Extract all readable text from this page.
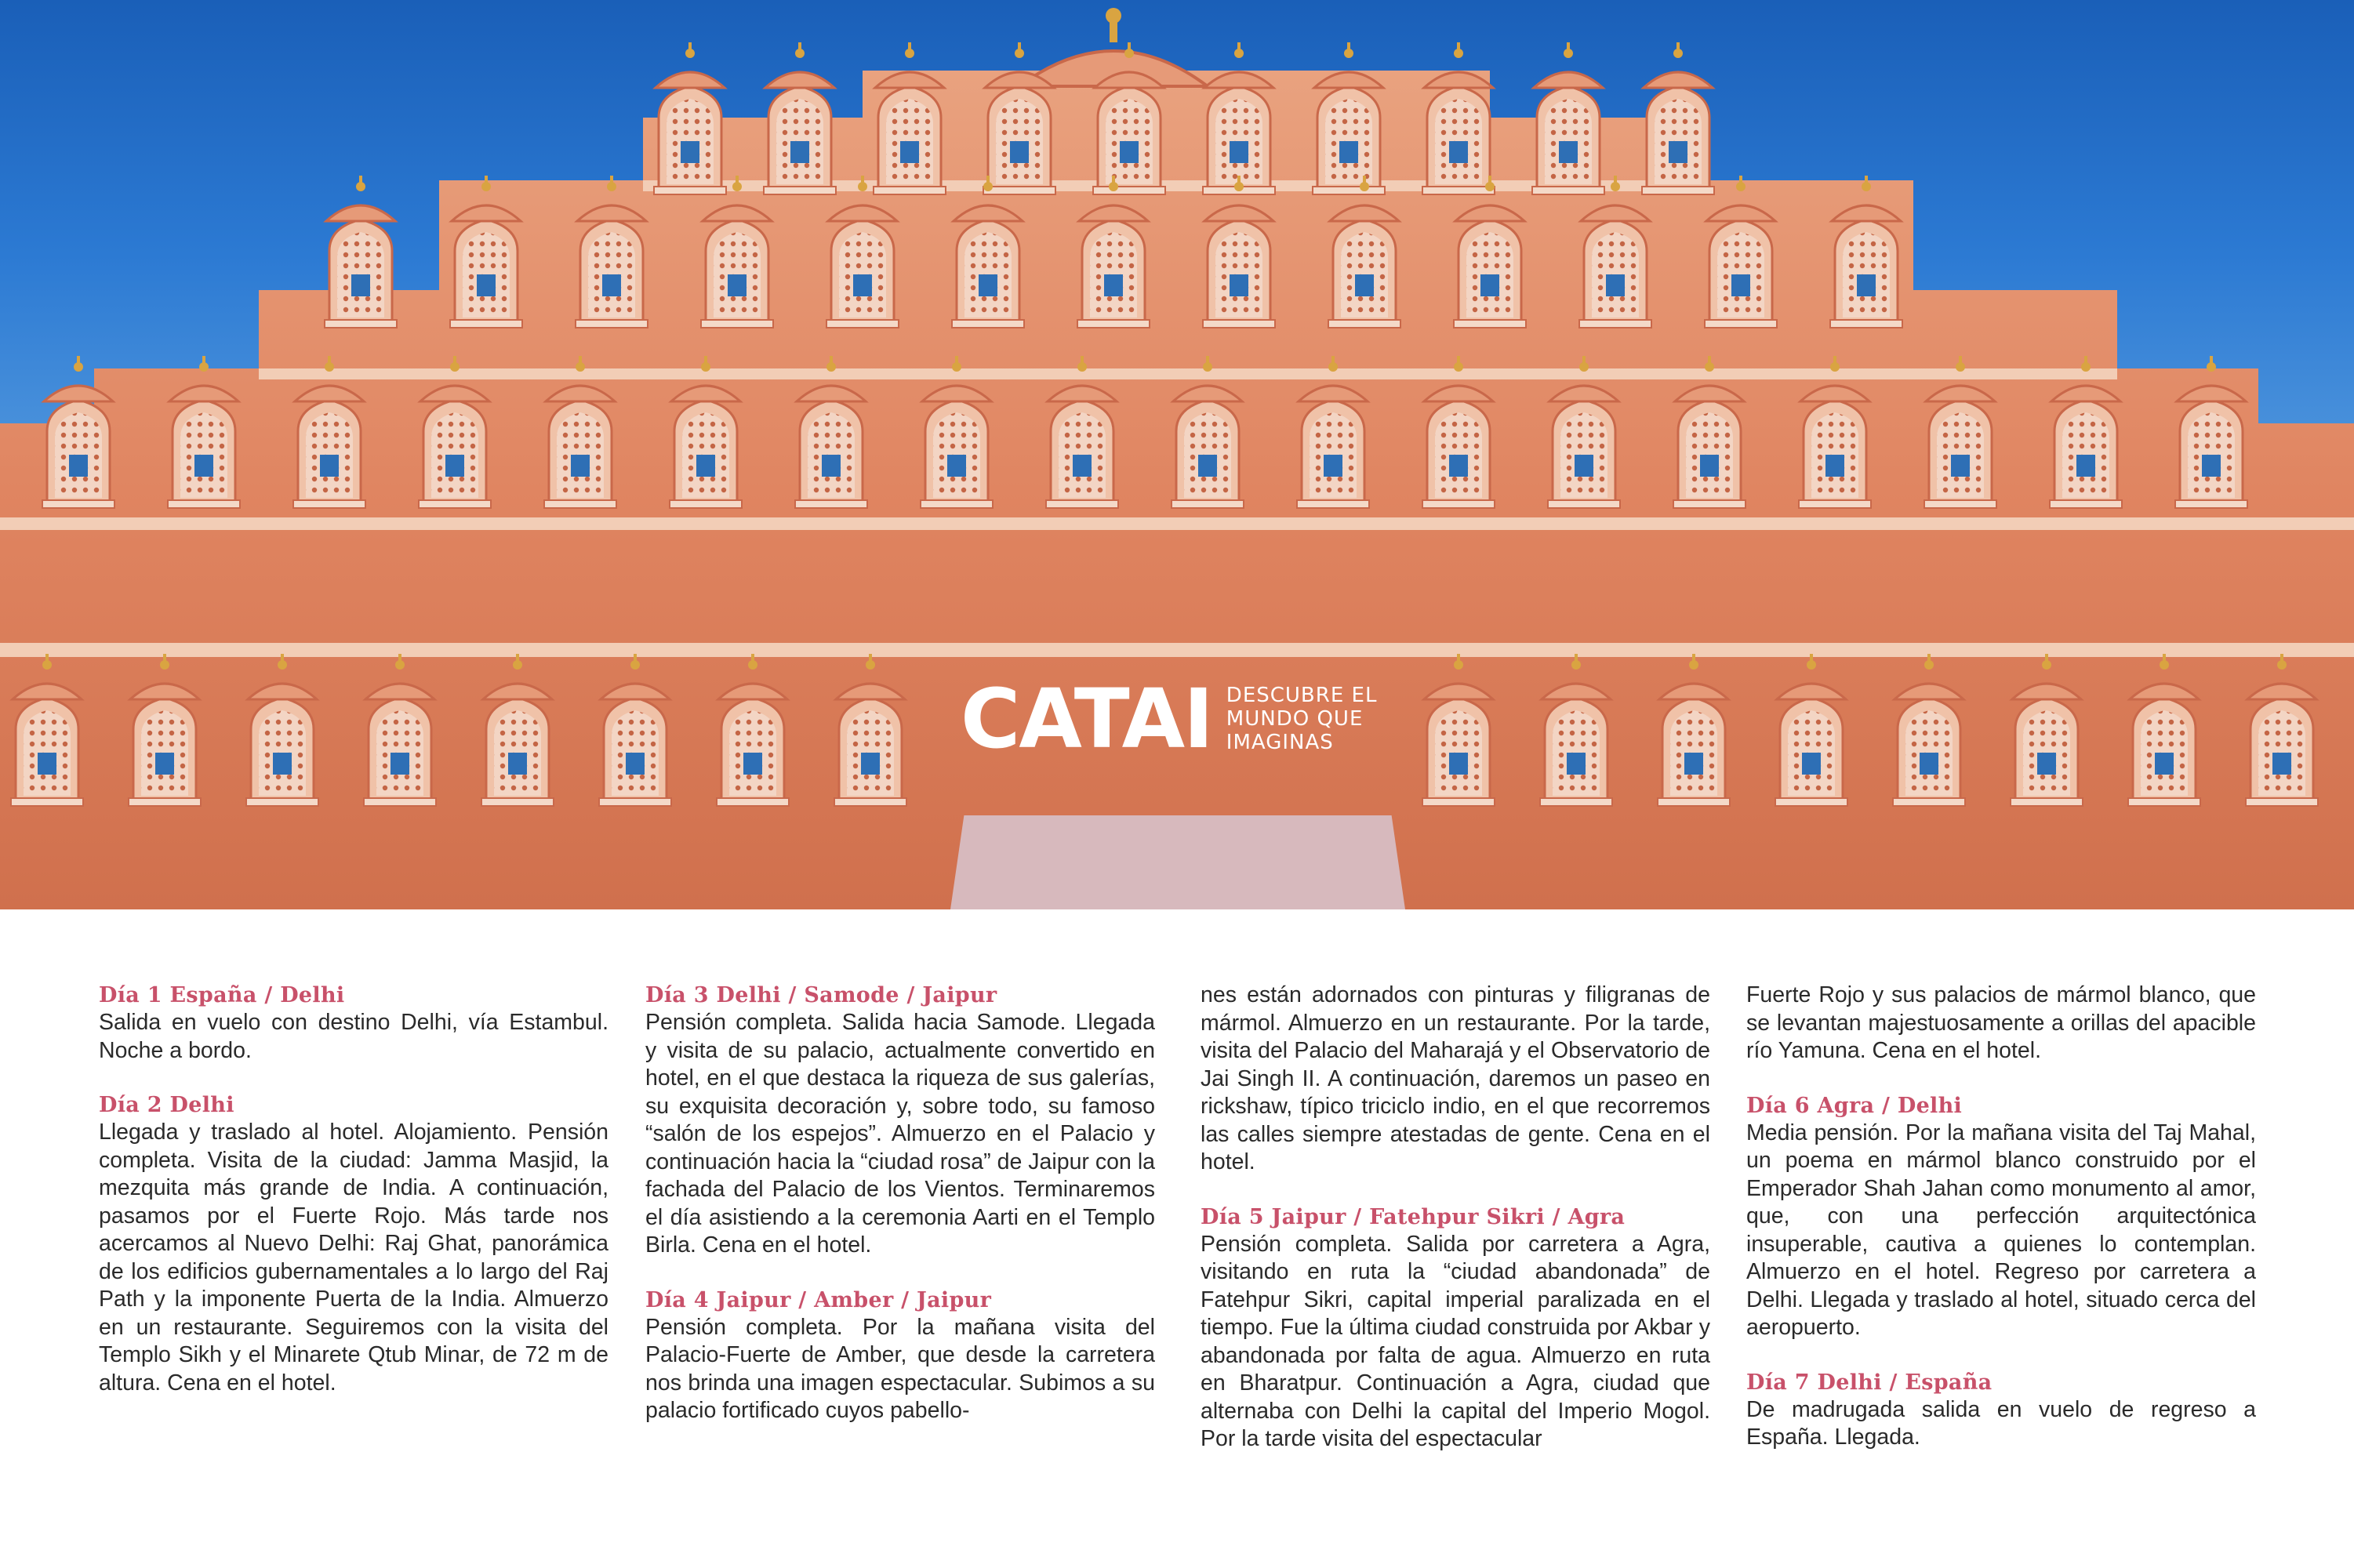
CATAI DESCUBRE EL
MUNDO QUE
IMAGINAS
Día 1 España / Delhi

Salida en vuelo con destino Delhi, vía Estambul. Noche a bordo.

Día 2 Delhi

Llegada y traslado al hotel. Alojamiento. Pensión completa. Visita de la ciudad: Jamma Masjid, la mezquita más grande de India. A continuación, pasamos por el Fuerte Rojo. Más tarde nos acercamos al Nuevo Delhi: Raj Ghat, panorámica de los edificios gubernamentales a lo largo del Raj Path y la imponente Puerta de la India. Almuerzo en un restaurante. Seguiremos con la visita del Templo Sikh y el Minarete Qtub Minar, de 72 m de altura. Cena en el hotel.

Día 3 Delhi / Samode / Jaipur

Pensión completa. Salida hacia Samode. Llegada y visita de su palacio, actualmente convertido en hotel, en el que destaca la riqueza de sus galerías, su exquisita decoración y, sobre todo, su famoso “salón de los espejos”. Almuerzo en el Palacio y continuación hacia la “ciudad rosa” de Jaipur con la fachada del Palacio de los Vientos. Terminaremos el día asistiendo a la ceremonia Aarti en el Templo Birla. Cena en el hotel.

Día 4 Jaipur / Amber / Jaipur

Pensión completa. Por la mañana visita del Palacio-Fuerte de Amber, que desde la carretera nos brinda una imagen espectacular. Subimos a su palacio fortificado cuyos pabello-

nes están adornados con pinturas y filigranas de mármol. Almuerzo en un restaurante. Por la tarde, visita del Palacio del Maharajá y el Observatorio de Jai Singh II. A continuación, daremos un paseo en rickshaw, típico triciclo indio, en el que recorremos las calles siempre atestadas de gente. Cena en el hotel.

Día 5 Jaipur / Fatehpur Sikri / Agra

Pensión completa. Salida por carretera a Agra, visitando en ruta la “ciudad abandonada” de Fatehpur Sikri, capital imperial paralizada en el tiempo. Fue la última ciudad construida por Akbar y abandonada por falta de agua. Almuerzo en ruta en Bharatpur. Continuación a Agra, ciudad que alternaba con Delhi la capital del Imperio Mogol. Por la tarde visita del espectacular

Fuerte Rojo y sus palacios de mármol blanco, que se levantan majestuosamente a orillas del apacible río Yamuna. Cena en el hotel.

Día 6 Agra / Delhi

Media pensión. Por la mañana visita del Taj Mahal, un poema en mármol blanco construido por el Emperador Shah Jahan como monumento al amor, que, con una perfección arquitectónica insuperable, cautiva a quienes lo contemplan. Almuerzo en el hotel. Regreso por carretera a Delhi. Llegada y traslado al hotel, situado cerca del aeropuerto.

Día 7 Delhi / España

De madrugada salida en vuelo de regreso a España. Llegada.
